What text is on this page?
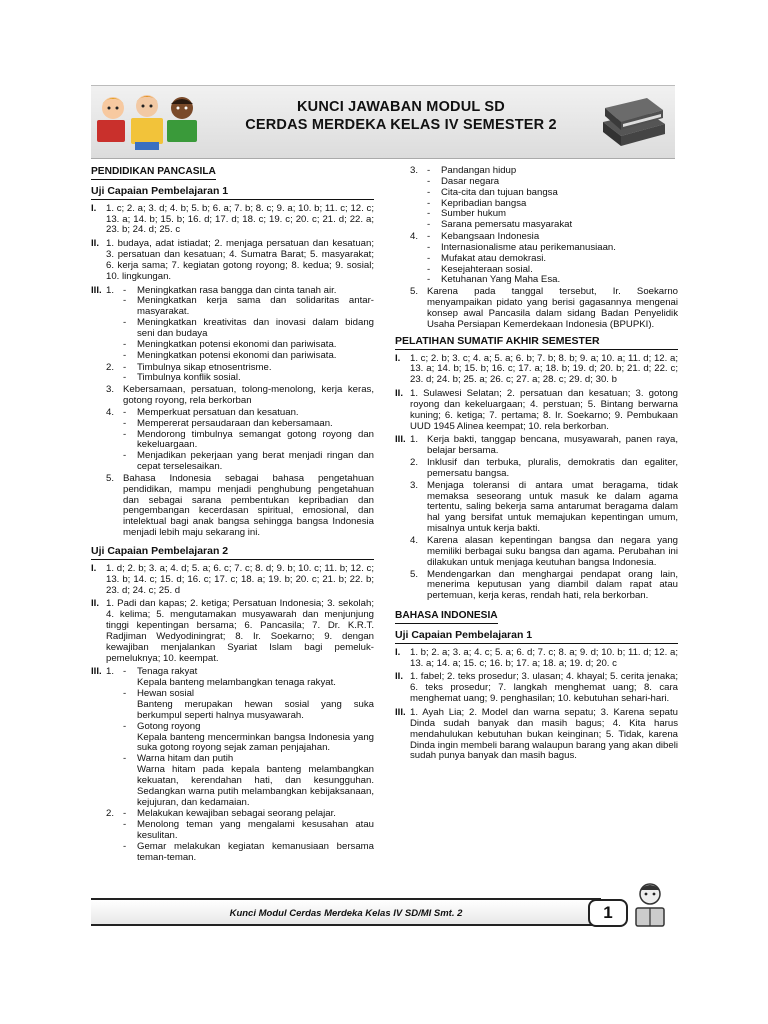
KUNCI JAWABAN MODUL SD
CERDAS MERDEKA KELAS IV SEMESTER 2
PENDIDIKAN PANCASILA
Uji Capaian Pembelajaran 1
I.	1. c; 2. a; 3. d; 4. b; 5. b; 6. a; 7. b; 8. c; 9. a; 10. b; 11. c; 12. c; 13. a; 14. b; 15. b; 16. d; 17. d; 18. c; 19. c; 20. c; 21. d; 22. a; 23. b; 24. d; 25. c
II. 1. budaya, adat istiadat; 2. menjaga persatuan dan kesatuan; 3. persatuan dan kesatuan; 4. Sumatra Barat; 5. masyarakat; 6. kerja sama; 7. kegiatan gotong royong; 8. kedua; 9. sosial; 10. lingkungan.
III. 1. -	Meningkatkan rasa bangga dan cinta tanah air.
-	Meningkatkan kerja sama dan solidaritas antar-masyarakat.
-	Meningkatkan kreativitas dan inovasi dalam bidang seni dan budaya
-	Meningkatkan potensi ekonomi dan pariwisata.
-	Meningkatkan potensi ekonomi dan pariwisata.
2. -	Timbulnya sikap etnosentrisme.
-	Timbulnya konflik sosial.
3. Kebersamaan, persatuan, tolong-menolong, kerja keras, gotong royong, rela berkorban
4. -	Memperkuat persatuan dan kesatuan.
-	Mempererat persaudaraan dan kebersamaan.
-	Mendorong timbulnya semangat gotong royong dan kekeluargaan.
-	Menjadikan pekerjaan yang berat menjadi ringan dan cepat terselesaikan.
5. Bahasa Indonesia sebagai bahasa pengetahuan pendidikan, mampu menjadi penghubung pengetahuan dan sebagai sarana pembentukan kepribadian dan pengembangan kecerdasan spiritual, emosional, dan intelektual bagi anak bangsa sehingga bangsa Indonesia menjadi lebih maju sekarang ini.
Uji Capaian Pembelajaran 2
I.	1. d; 2. b; 3. a; 4. d; 5. a; 6. c; 7. c; 8. d; 9. b; 10. c; 11. b; 12. c; 13. b; 14. c; 15. d; 16. c; 17. c; 18. a; 19. b; 20. c; 21. b; 22. b; 23. d; 24. c; 25. d
II. 1. Padi dan kapas; 2. ketiga; Persatuan Indonesia; 3. sekolah; 4. kelima; 5. mengutamakan musyawarah dan menjunjung tinggi kepentingan bersama; 6. Pancasila; 7. Dr. K.R.T. Radjiman Wedyodiningrat; 8. Ir. Soekarno; 9. dengan kewajiban menjalankan Syariat Islam bagi pemeluk-pemeluknya; 10. keempat.
III. 1. -	Tenaga rakyat
Kepala banteng melambangkan tenaga rakyat.
-	Hewan sosial
Banteng merupakan hewan sosial yang suka berkumpul seperti halnya musyawarah.
-	Gotong royong
Kepala banteng mencerminkan bangsa Indonesia yang suka gotong royong sejak zaman penjajahan.
-	Warna hitam dan putih
Warna hitam pada kepala banteng melambangkan kekuatan, kerendahan hati, dan kesungguhan. Sedangkan warna putih melambangkan kebijaksanaan, kejujuran, dan kedamaian.
2. -	Melakukan kewajiban sebagai seorang pelajar.
-	Menolong teman yang mengalami kesusahan atau kesulitan.
-	Gemar melakukan kegiatan kemanusiaan bersama teman-teman.
3. -	Pandangan hidup
-	Dasar negara
-	Cita-cita dan tujuan bangsa
-	Kepribadian bangsa
-	Sumber hukum
-	Sarana pemersatu masyarakat
4. -	Kebangsaan Indonesia
-	Internasionalisme atau perikemanusiaan.
-	Mufakat atau demokrasi.
-	Kesejahteraan sosial.
-	Ketuhanan Yang Maha Esa.
5. Karena pada tanggal tersebut, Ir. Soekarno menyampaikan pidato yang berisi gagasannya mengenai konsep awal Pancasila dalam sidang Badan Penyelidik Usaha Persiapan Kemerdekaan Indonesia (BPUPKI).
PELATIHAN SUMATIF AKHIR SEMESTER
I.	1. c; 2. b; 3. c; 4. a; 5. a; 6. b; 7. b; 8. b; 9. a; 10. a; 11. d; 12. a; 13. a; 14. b; 15. b; 16. c; 17. a; 18. b; 19. d; 20. b; 21. d; 22. c; 23. d; 24. b; 25. a; 26. c; 27. a; 28. c; 29. d; 30. b
II. 1. Sulawesi Selatan; 2. persatuan dan kesatuan; 3. gotong royong dan kekeluargaan; 4. perstuan; 5. Bintang berwarna kuning; 6. ketiga; 7. pertama; 8. Ir. Soekarno; 9. Pembukaan UUD 1945 Alinea keempat; 10. rela berkorban.
III. 1. Kerja bakti, tanggap bencana, musyawarah, panen raya, belajar bersama.
2. Inklusif dan terbuka, pluralis, demokratis dan egaliter, pemersatu bangsa.
3. Menjaga toleransi di antara umat beragama, tidak memaksa seseorang untuk masuk ke dalam agama tertentu, saling bekerja sama antarumat beragama dalam hal yang bersifat untuk memajukan kepentingan umum, misalnya untuk kerja bakti.
4. Karena alasan kepentingan bangsa dan negara yang memiliki berbagai suku bangsa dan agama. Perubahan ini dilakukan untuk menjaga keutuhan bangsa Indonesia.
5. Mendengarkan dan menghargai pendapat orang lain, menerima keputusan yang diambil dalam rapat atau pertemuan, kerja keras, rendah hati, rela berkorban.
BAHASA INDONESIA
Uji Capaian Pembelajaran 1
I.	1. b; 2. a; 3. a; 4. c; 5. a; 6. d; 7. c; 8. a; 9. d; 10. b; 11. d; 12. a; 13. a; 14. a; 15. c; 16. b; 17. a; 18. a; 19. d; 20. c
II. 1. fabel; 2. teks prosedur; 3. ulasan; 4. khayal; 5. cerita jenaka; 6. teks prosedur; 7. langkah menghemat uang; 8. cara menghemat uang; 9. penghasilan; 10. kebutuhan sehari-hari.
III. 1. Ayah Lia; 2. Model dan warna sepatu; 3. Karena sepatu Dinda sudah banyak dan masih bagus; 4. Kita harus mendahulukan kebutuhan bukan keinginan; 5. Tidak, karena Dinda ingin membeli barang walaupun barang yang akan dibeli sudah punya banyak dan masih bagus.
Kunci Modul Cerdas Merdeka Kelas IV SD/MI Smt. 2	1
